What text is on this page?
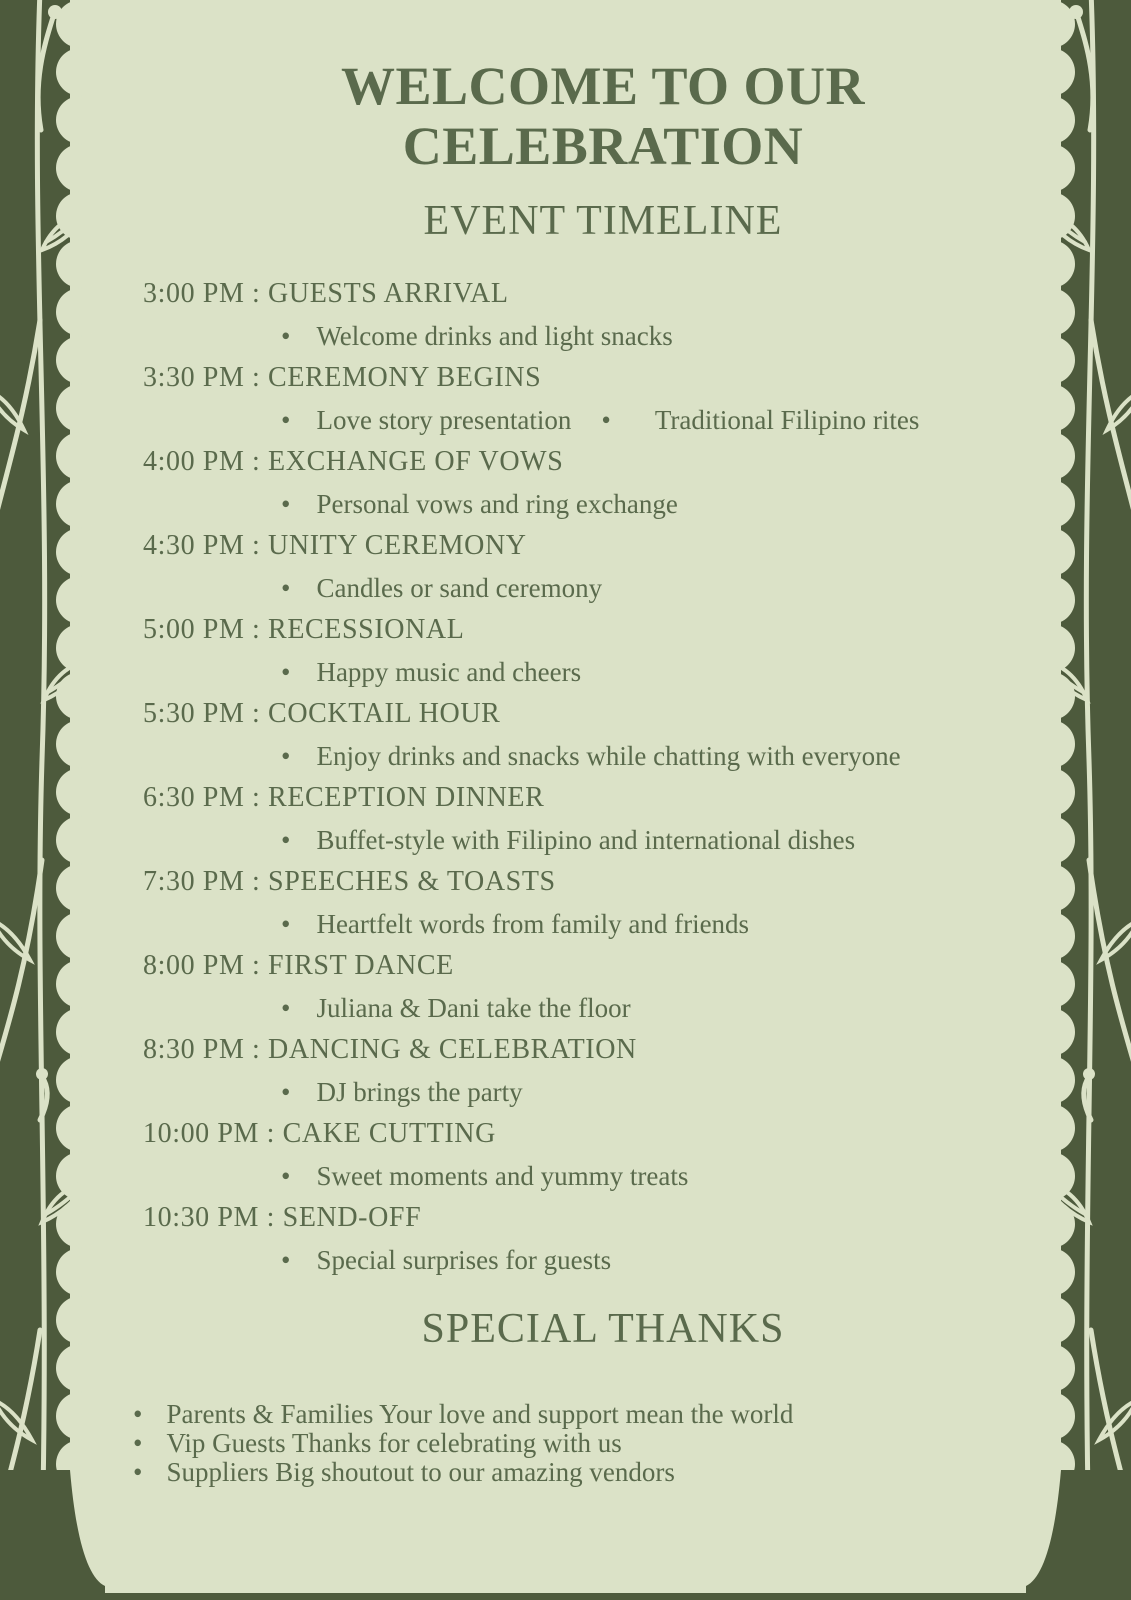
WELCOME TO OUR CELEBRATION
EVENT TIMELINE
3:00 PM : GUESTS ARRIVAL
• Welcome drinks and light snacks
3:30 PM : CEREMONY BEGINS
• Love story presentation • Traditional Filipino rites
4:00 PM : EXCHANGE OF VOWS
• Personal vows and ring exchange
4:30 PM : UNITY CEREMONY
• Candles or sand ceremony
5:00 PM : RECESSIONAL
• Happy music and cheers
5:30 PM : COCKTAIL HOUR
• Enjoy drinks and snacks while chatting with everyone
6:30 PM : RECEPTION DINNER
• Buffet-style with Filipino and international dishes
7:30 PM : SPEECHES & TOASTS
• Heartfelt words from family and friends
8:00 PM : FIRST DANCE
• Juliana & Dani take the floor
8:30 PM : DANCING & CELEBRATION
• DJ brings the party
10:00 PM : CAKE CUTTING
• Sweet moments and yummy treats
10:30 PM : SEND-OFF
• Special surprises for guests
SPECIAL THANKS
• Parents & Families Your love and support mean the world
• Vip Guests Thanks for celebrating with us
• Suppliers Big shoutout to our amazing vendors
